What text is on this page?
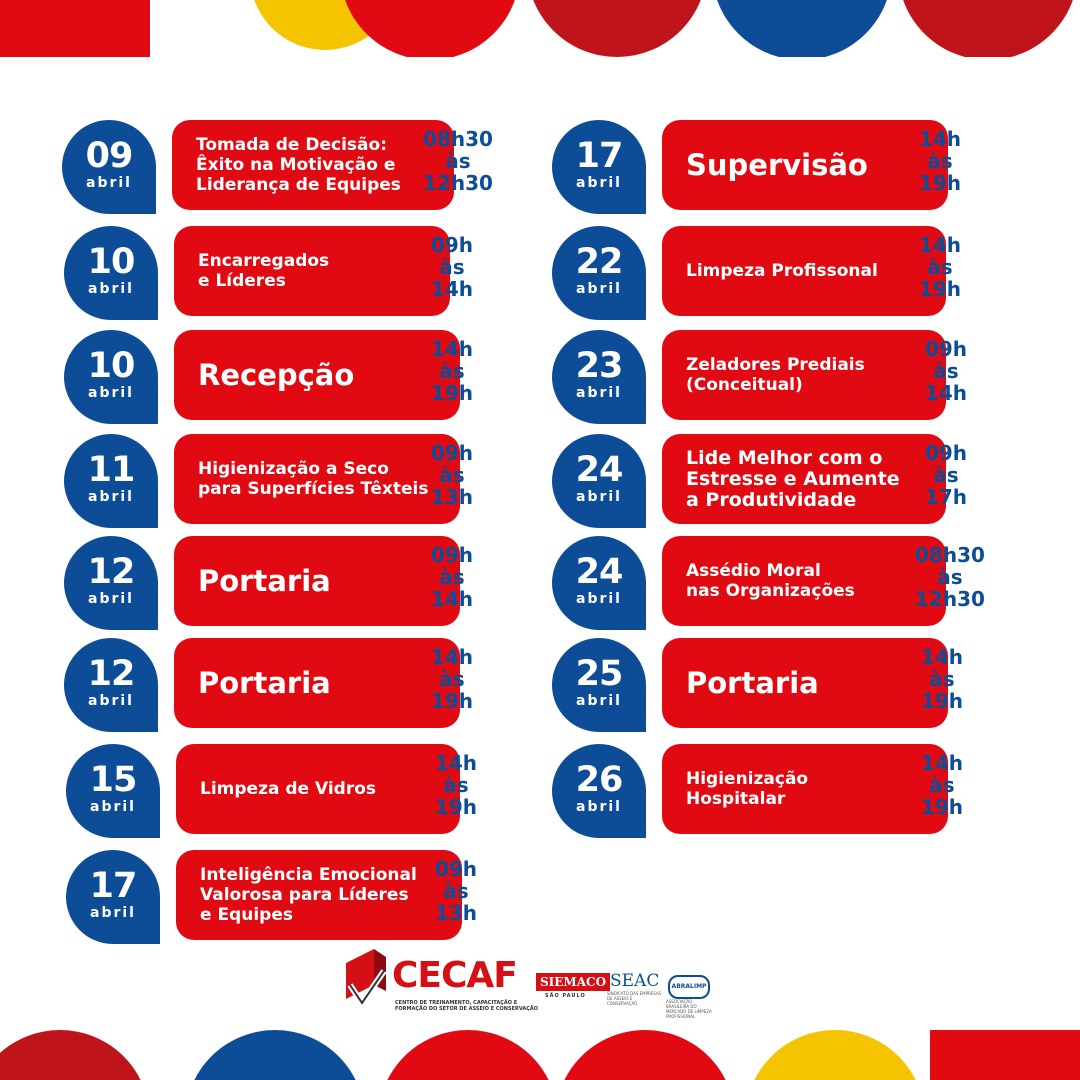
09
abril
Tomada de Decisão:
Êxito na Motivação e
Liderança de Equipes
08h30
às
12h30
10
abril
Encarregados
e Líderes
09h
às
14h
10
abril
Recepção
14h
às
19h
11
abril
Higienização a Seco
para Superfícies Têxteis
09h
às
13h
12
abril
Portaria
09h
às
14h
12
abril
Portaria
14h
às
19h
15
abril
Limpeza de Vidros
14h
às
19h
17
abril
Inteligência Emocional
Valorosa para Líderes
e Equipes
09h
às
13h
17
abril
Supervisão
14h
às
19h
22
abril
Limpeza Profissonal
14h
às
19h
23
abril
Zeladores Prediais
(Conceitual)
09h
às
14h
24
abril
Lide Melhor com o
Estresse e Aumente
a Produtividade
09h
às
17h
24
abril
Assédio Moral
nas Organizações
08h30
às
12h30
25
abril
Portaria
14h
às
19h
26
abril
Higienização
Hospitalar
14h
às
19h
CECAF
CENTRO DE TREINAMENTO, CAPACITAÇÃO E FORMAÇÃO DO SETOR DE ASSEIO E CONSERVAÇÃO
SIEMACO
SÃO PAULO
SEAC
SINDICATO DAS EMPRESAS DE ASSEIO E CONSERVAÇÃO
ABRALIMP
ASSOCIAÇÃO BRASILEIRA DO MERCADO DE LIMPEZA PROFISSIONAL
